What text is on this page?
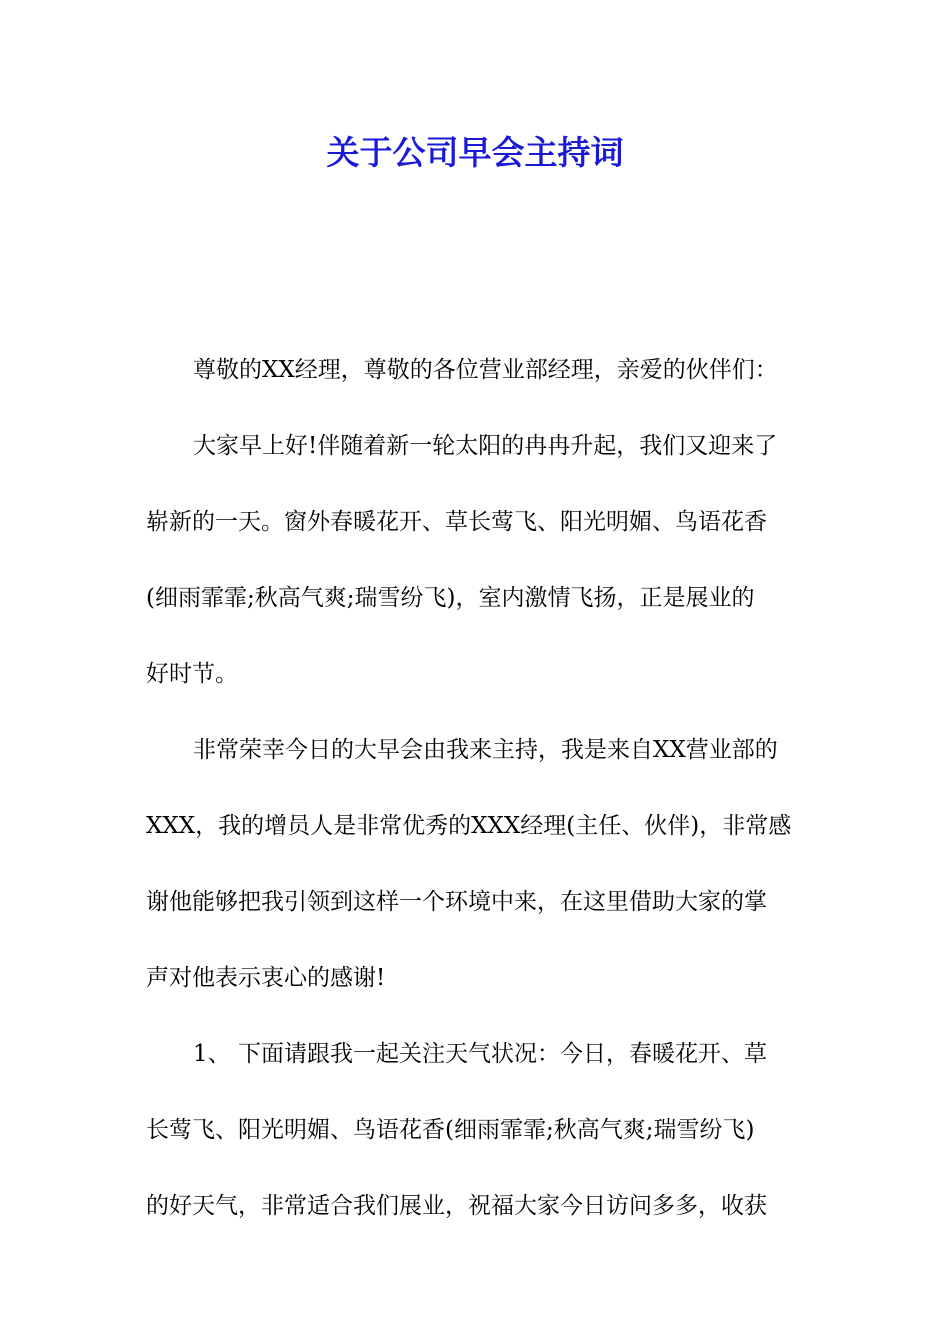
关于公司早会主持词

尊敬的XX经理，尊敬的各位营业部经理，亲爱的伙伴们：

大家早上好!伴随着新一轮太阳的冉冉升起，我们又迎来了
崭新的一天。窗外春暖花开、草长莺飞、阳光明媚、鸟语花香
(细雨霏霏;秋高气爽;瑞雪纷飞)，室内激情飞扬，正是展业的
好时节。

非常荣幸今日的大早会由我来主持，我是来自XX营业部的
XXX，我的增员人是非常优秀的XXX经理(主任、伙伴)，非常感
谢他能够把我引领到这样一个环境中来，在这里借助大家的掌
声对他表示衷心的感谢!

1、 下面请跟我一起关注天气状况：今日，春暖花开、草
长莺飞、阳光明媚、鸟语花香(细雨霏霏;秋高气爽;瑞雪纷飞)
的好天气，非常适合我们展业，祝福大家今日访问多多，收获
